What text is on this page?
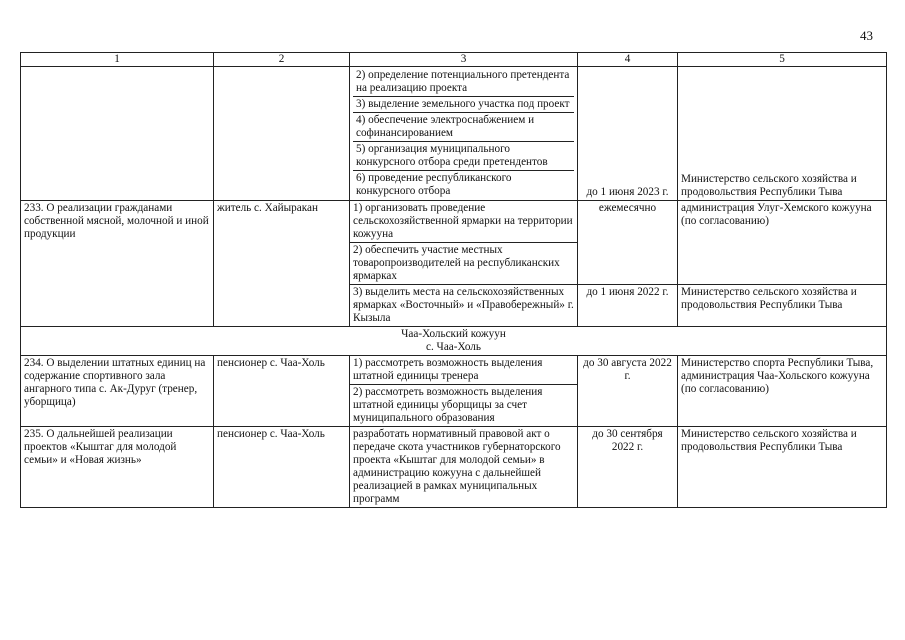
43
1	2	3	4	5

		2) определение потенциального претендента на реализацию проекта
3) выделение земельного участка под проект
4) обеспечение электроснабжением и софинансированием
5) организация муниципального конкурсного отбора среди претендентов
6) проведение республиканского конкурсного отбора	до 1 июня 2023 г.	Министерство сельского хозяйства и продовольствия Республики Тыва
233. О реализации гражданами собственной мясной, молочной и иной продукции	житель с. Хайыракан	1) организовать проведение сельскохозяйственной ярмарки на территории кожууна	ежемесячно	администрация Улуг-Хемского кожууна (по согласованию)
		2) обеспечить участие местных товаропроизводителей на республиканских ярмарках		
		3) выделить места на сельскохозяйственных ярмарках «Восточный» и «Правобережный» г. Кызыла	до 1 июня 2022 г.	Министерство сельского хозяйства и продовольствия Республики Тыва

Чаа-Хольский кожуун
с. Чаа-Холь				

234. О выделении штатных единиц на содержание спортивного зала ангарного типа с. Ак-Дуруг (тренер, уборщица)	пенсионер с. Чаа-Холь	1) рассмотреть возможность выделения штатной единицы тренера	до 30 августа 2022 г.	Министерство спорта Республики Тыва, администрация Чаа-Хольского кожууна (по согласованию)
		2) рассмотреть возможность выделения штатной единицы уборщицы за счет муниципального образования		
235. О дальнейшей реализации проектов «Кыштаг для молодой семьи» и «Новая жизнь»	пенсионер с. Чаа-Холь	разработать нормативный правовой акт о передаче скота участников губернаторского проекта «Кыштаг для молодой семьи» в администрацию кожууна с дальнейшей реализацией в рамках муниципальных программ	до 30 сентября 2022 г.	Министерство сельского хозяйства и продовольствия Республики Тыва
